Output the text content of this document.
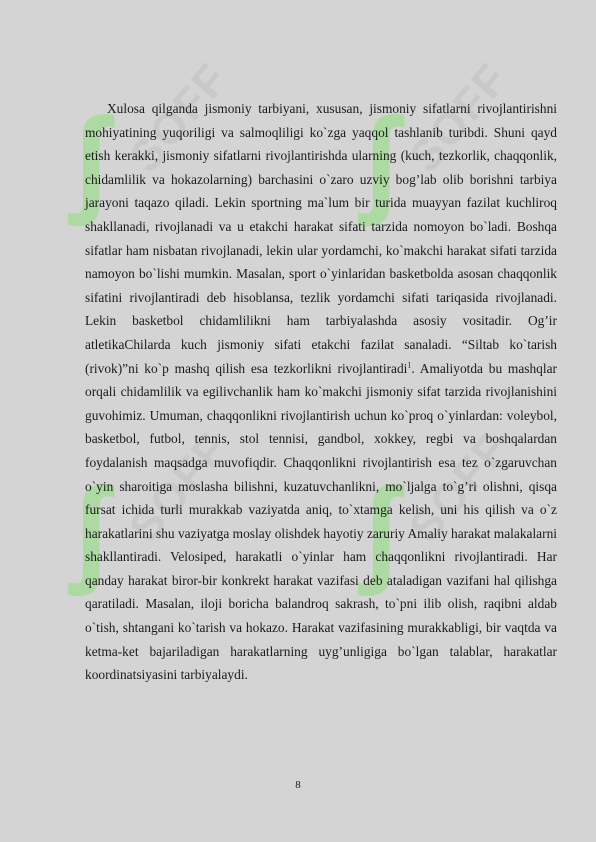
SOFF	SOFF
SOFF	SOFF
ʃ ʃ
ʃ ʃ

Xulosa qilganda jismoniy tarbiyani, xususan, jismoniy sifatlarni rivojlantirishni mohiyatining yuqoriligi va salmoqliligi ko`zga yaqqol tashlanib turibdi. Shuni qayd etish kerakki, jismoniy sifatlarni rivojlantirishda ularning (kuch, tezkorlik, chaqqonlik, chidamlilik va hokazolarning) barchasini o`zaro uzviy bog’lab olib borishni tarbiya jarayoni taqazo qiladi. Lekin sportning ma`lum bir turida muayyan fazilat kuchliroq shakllanadi, rivojlanadi va u etakchi harakat sifati tarzida nomoyon bo`ladi. Boshqa sifatlar ham nisbatan rivojlanadi, lekin ular yordamchi, ko`makchi harakat sifati tarzida namoyon bo`lishi mumkin. Masalan, sport o`yinlaridan basketbolda asosan chaqqonlik sifatini rivojlantiradi deb hisoblansa, tezlik yordamchi sifati tariqasida rivojlanadi. Lekin basketbol chidamlilikni ham tarbiyalashda asosiy vositadir. Og’ir atletikaChilarda kuch jismoniy sifati etakchi fazilat sanaladi. “Siltab ko`tarish (rivok)”ni ko`p mashq qilish esa tezkorlikni rivojlantiradi$^1$. Amaliyotda bu mashqlar orqali chidamlilik va egilivchanlik ham ko`makchi jismoniy sifat tarzida rivojlanishini guvohimiz. Umuman, chaqqonlikni rivojlantirish uchun ko`proq o`yinlardan: voleybol, basketbol, futbol, tennis, stol tennisi, gandbol, xokkey, regbi va boshqalardan foydalanish maqsadga muvofiqdir. Chaqqonlikni rivojlantirish esa tez o`zgaruvchan o`yin sharoitiga moslasha bilishni, kuzatuvchanlikni, mo`ljalga to`g’ri olishni, qisqa fursat ichida turli murakkab vaziyatda aniq, to`xtamga kelish, uni his qilish va o`z harakatlarini shu vaziyatga moslay olishdek hayotiy zaruriy Amaliy harakat malakalarni shakllantiradi. Velosiped, harakatli o`yinlar ham chaqqonlikni rivojlantiradi. Har qanday harakat biror-bir konkrekt harakat vazifasi deb ataladigan vazifani hal qilishga qaratiladi. Masalan, iloji boricha balandroq sakrash, to`pni ilib olish, raqibni aldab o`tish, shtangani ko`tarish va hokazo. Harakat vazifasining murakkabligi, bir vaqtda va ketma-ket bajariladigan harakatlarning uyg’unligiga bo`lgan talablar, harakatlar koordinatsiyasini tarbiyalaydi.

8
